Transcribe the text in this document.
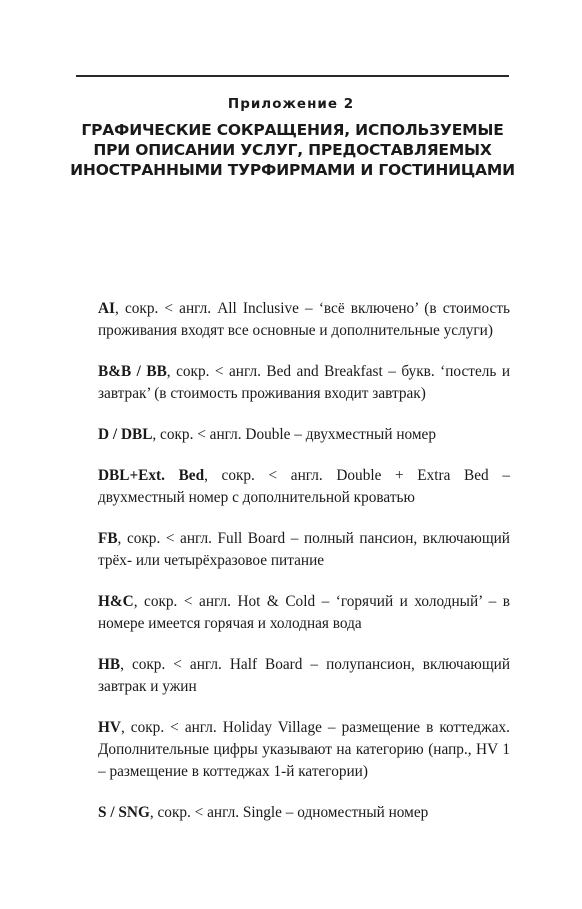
Приложение 2
ГРАФИЧЕСКИЕ СОКРАЩЕНИЯ, ИСПОЛЬЗУЕМЫЕ
ПРИ ОПИСАНИИ УСЛУГ, ПРЕДОСТАВЛЯЕМЫХ
ИНОСТРАННЫМИ ТУРФИРМАМИ И ГОСТИНИЦАМИ

AI, сокр. < англ. All Inclusive – ‘всё включено’ (в стоимость проживания входят все основные и дополнительные услуги)

B&B / BB, сокр. < англ. Bed and Breakfast – букв. ‘постель и завтрак’ (в стоимость проживания входит завтрак)

D / DBL, сокр. < англ. Double – двухместный номер

DBL+Ext. Bed, сокр. < англ. Double + Extra Bed – двухместный номер с дополнительной кроватью

FB, сокр. < англ. Full Board – полный пансион, включающий трёх- или четырёхразовое питание

H&C, сокр. < англ. Hot & Cold – ‘горячий и холодный’ – в номере имеется горячая и холодная вода

HB, сокр. < англ. Half Board – полупансион, включающий завтрак и ужин

HV, сокр. < англ. Holiday Village – размещение в коттеджах. Дополнительные цифры указывают на категорию (напр., HV 1 – размещение в коттеджах 1-й категории)

S / SNG, сокр. < англ. Single – одноместный номер
